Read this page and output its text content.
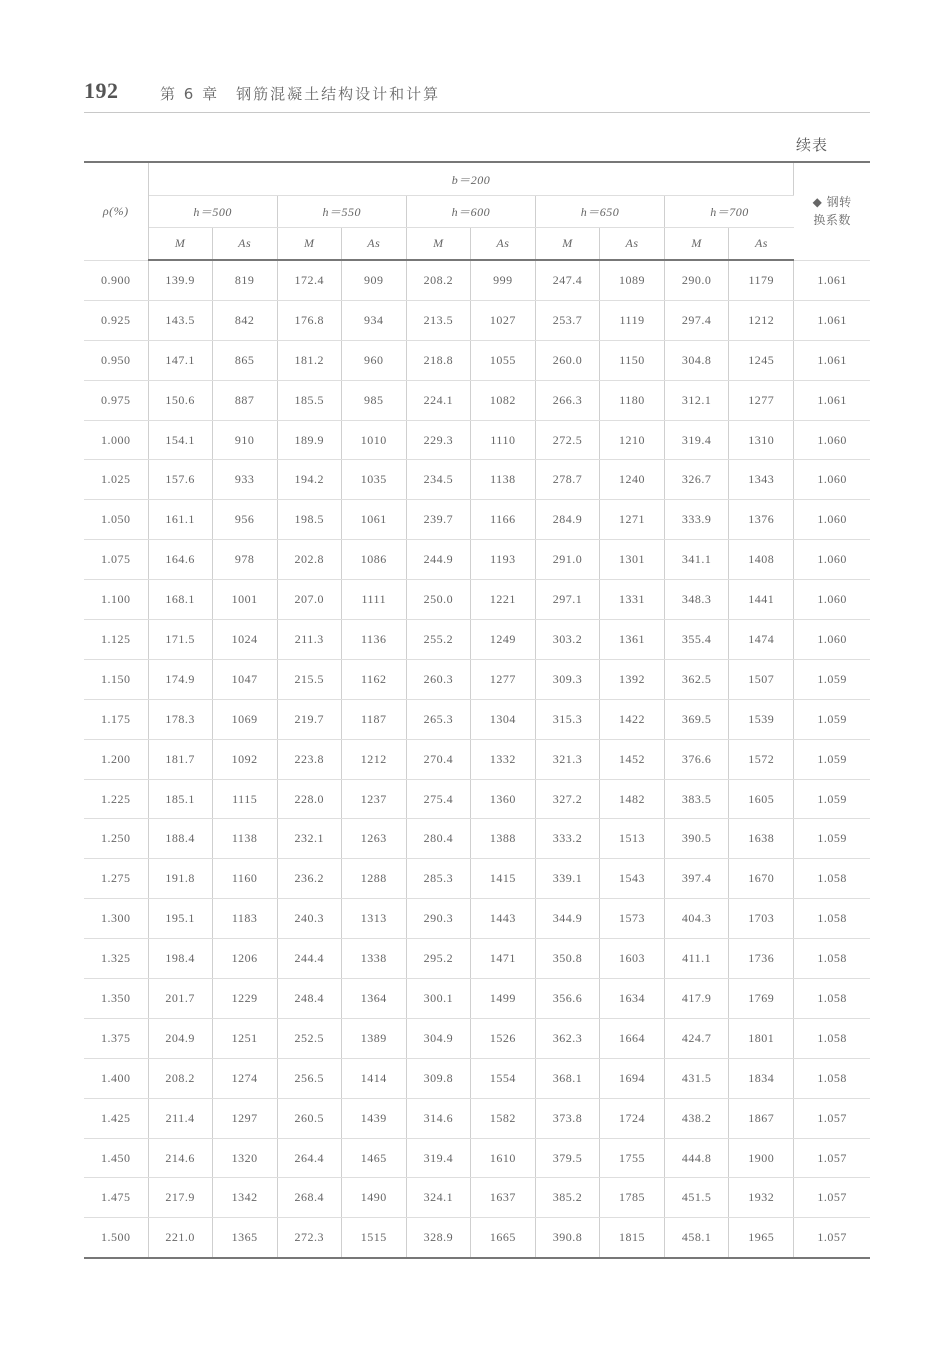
192	第 6 章　钢筋混凝土结构设计和计算
续表
ρ(%)	b＝200										◆ 钢转
换系数
	h＝500		h＝550		h＝600		h＝650		h＝700		
	M	As	M	As	M	As	M	As	M	As	
0.900	139.9	819	172.4	909	208.2	999	247.4	1089	290.0	1179	1.061
0.925	143.5	842	176.8	934	213.5	1027	253.7	1119	297.4	1212	1.061
0.950	147.1	865	181.2	960	218.8	1055	260.0	1150	304.8	1245	1.061
0.975	150.6	887	185.5	985	224.1	1082	266.3	1180	312.1	1277	1.061
1.000	154.1	910	189.9	1010	229.3	1110	272.5	1210	319.4	1310	1.060
1.025	157.6	933	194.2	1035	234.5	1138	278.7	1240	326.7	1343	1.060
1.050	161.1	956	198.5	1061	239.7	1166	284.9	1271	333.9	1376	1.060
1.075	164.6	978	202.8	1086	244.9	1193	291.0	1301	341.1	1408	1.060
1.100	168.1	1001	207.0	1111	250.0	1221	297.1	1331	348.3	1441	1.060
1.125	171.5	1024	211.3	1136	255.2	1249	303.2	1361	355.4	1474	1.060
1.150	174.9	1047	215.5	1162	260.3	1277	309.3	1392	362.5	1507	1.059
1.175	178.3	1069	219.7	1187	265.3	1304	315.3	1422	369.5	1539	1.059
1.200	181.7	1092	223.8	1212	270.4	1332	321.3	1452	376.6	1572	1.059
1.225	185.1	1115	228.0	1237	275.4	1360	327.2	1482	383.5	1605	1.059
1.250	188.4	1138	232.1	1263	280.4	1388	333.2	1513	390.5	1638	1.059
1.275	191.8	1160	236.2	1288	285.3	1415	339.1	1543	397.4	1670	1.058
1.300	195.1	1183	240.3	1313	290.3	1443	344.9	1573	404.3	1703	1.058
1.325	198.4	1206	244.4	1338	295.2	1471	350.8	1603	411.1	1736	1.058
1.350	201.7	1229	248.4	1364	300.1	1499	356.6	1634	417.9	1769	1.058
1.375	204.9	1251	252.5	1389	304.9	1526	362.3	1664	424.7	1801	1.058
1.400	208.2	1274	256.5	1414	309.8	1554	368.1	1694	431.5	1834	1.058
1.425	211.4	1297	260.5	1439	314.6	1582	373.8	1724	438.2	1867	1.057
1.450	214.6	1320	264.4	1465	319.4	1610	379.5	1755	444.8	1900	1.057
1.475	217.9	1342	268.4	1490	324.1	1637	385.2	1785	451.5	1932	1.057
1.500	221.0	1365	272.3	1515	328.9	1665	390.8	1815	458.1	1965	1.057
